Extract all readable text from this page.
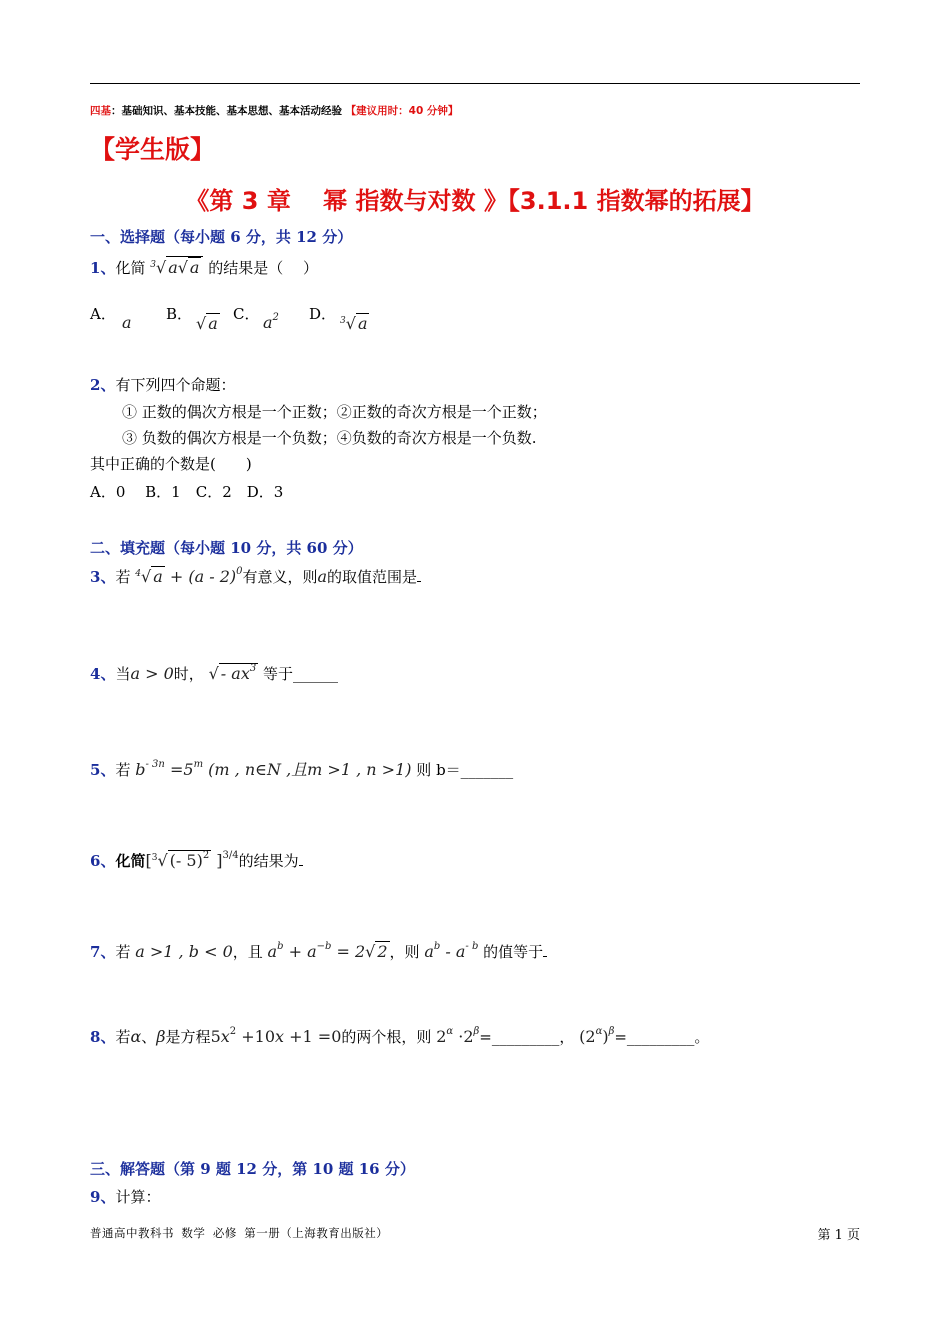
四基：基础知识、基本技能、基本思想、基本活动经验 【建议用时：40 分钟】
【学生版】
《第 3 章　 幂 指数与对数 》【3.1.1 指数幂的拓展】
一、选择题（每小题 6 分，共 12 分）
1、化简 $^3$√ a√ a 的结果是（　 ）
A． a B． √ a C． $a^2$ D． $^3$√ a
2、有下列四个命题：
① 正数的偶次方根是一个正数；②正数的奇次方根是一个正数；
③ 负数的偶次方根是一个负数；④负数的奇次方根是一个负数.
其中正确的个数是(　　)
A．0　 B．1　C．2　D．3
二、填充题（每小题 10 分，共 60 分）
3、若 $^4$√ a + (a - 2)$^0$有意义，则a的取值范围是
4、当a > 0时， √ - $ax^3$ 等于______
5、若 $b^{- 3n} =5^m$ (m , n∈N ,且m >1 , n >1) 则 b＝_______
6、化简[$^3$√ (- 5)$^2$ ]$^{3/4}$的结果为
7、若 a >1 , b < 0，且 $a^b + a^{-b} = 2√$ 2 ，则 $a^b - a^{- b}$ 的值等于
8、若α、β是方程$5x^2 +10x +1 =0$的两个根，则 $2^\alpha$ $\cdot 2^\beta=\_\_\_\_\_\_\_\_\_$， $(2^\alpha)^\beta=\_\_\_\_\_\_\_\_\_$。
三、解答题（第 9 题 12 分，第 10 题 16 分）
9、计算：
普通高中教科书 数学 必修 第一册（上海教育出版社）	第 1 页
